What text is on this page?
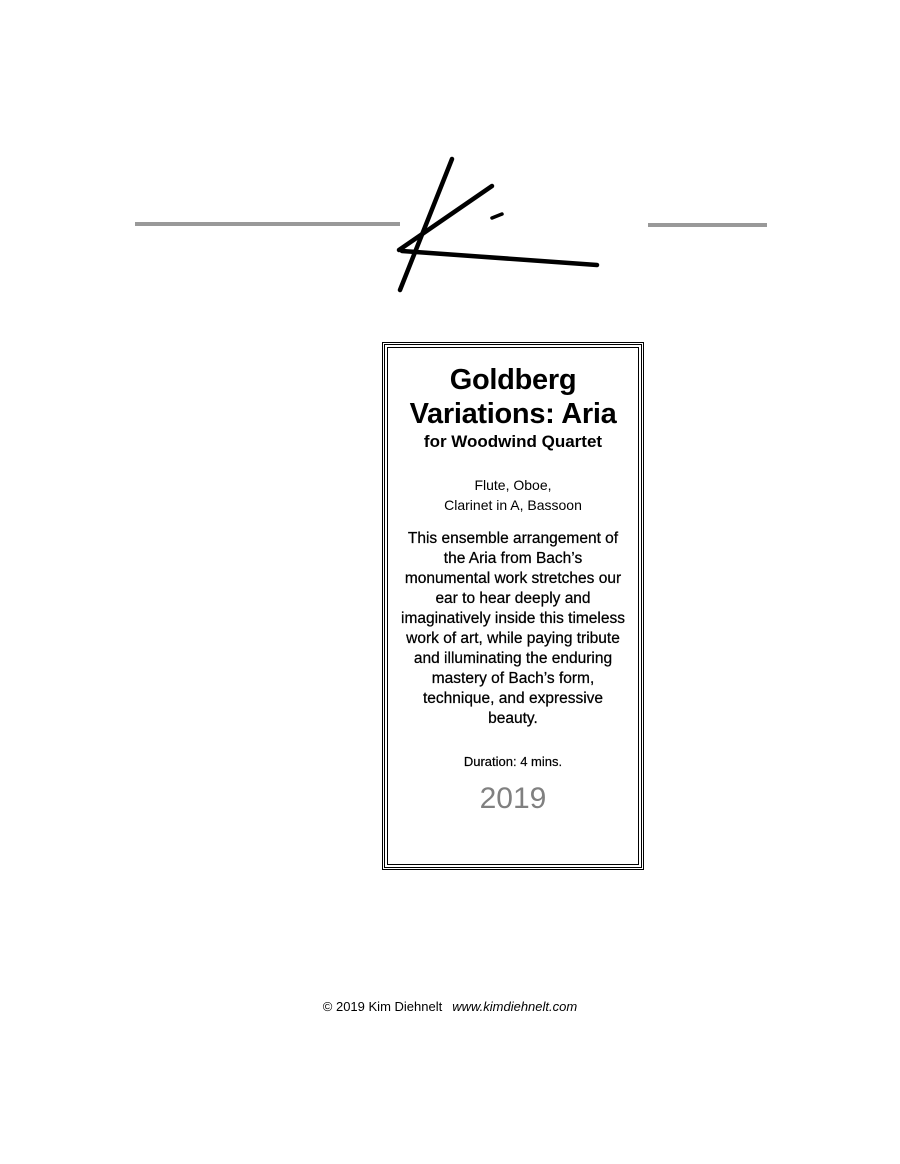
Goldberg
Variations: Aria
for Woodwind Quartet
Flute, Oboe,
Clarinet in A, Bassoon
This ensemble arrangement of the Aria from Bach’s monumental work stretches our ear to hear deeply and imaginatively inside this timeless work of art, while paying tribute and illuminating the enduring mastery of Bach’s form, technique, and expressive beauty.
Duration: 4 mins.
2019
© 2019 Kim Diehnelt www.kimdiehnelt.com
